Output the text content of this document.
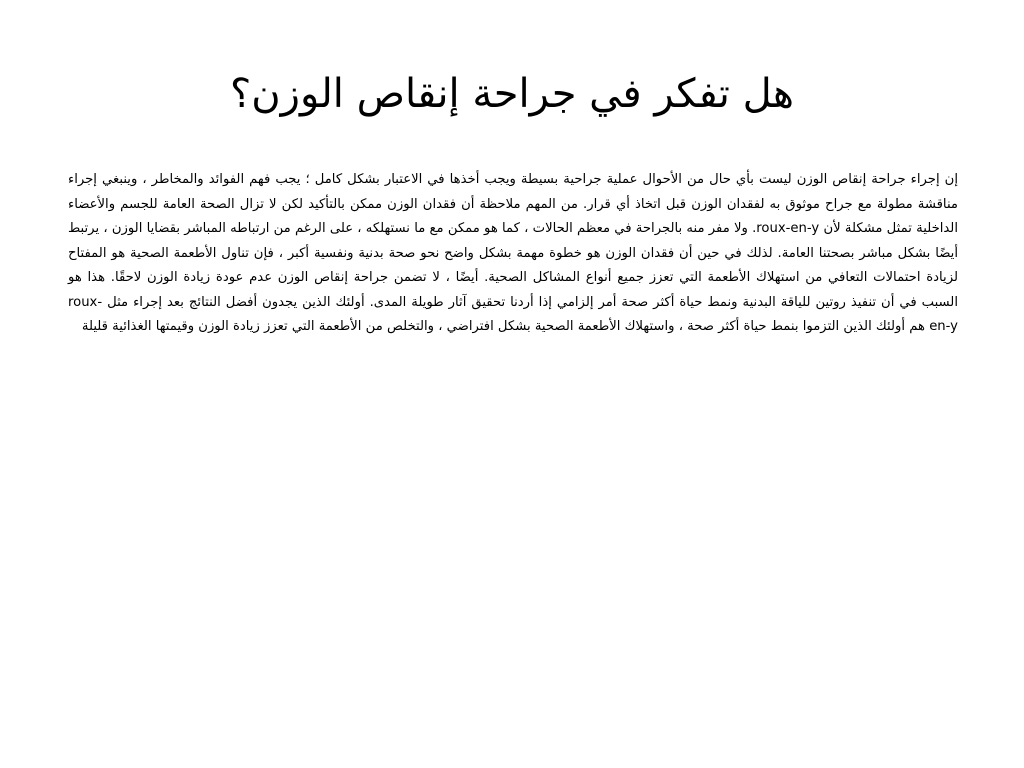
هل تفكر في جراحة إنقاص الوزن؟

إن إجراء جراحة إنقاص الوزن ليست بأي حال من الأحوال عملية جراحية بسيطة ويجب أخذها في الاعتبار بشكل كامل ؛ يجب فهم الفوائد والمخاطر ، وينبغي إجراء مناقشة مطولة مع جراح موثوق به لفقدان الوزن قبل اتخاذ أي قرار. من المهم ملاحظة أن فقدان الوزن ممكن بالتأكيد لكن لا تزال الصحة العامة للجسم والأعضاء الداخلية تمثل مشكلة لأن roux-en-y. ولا مفر منه بالجراحة في معظم الحالات ، كما هو ممكن مع ما نستهلكه ، على الرغم من ارتباطه المباشر بقضايا الوزن ، يرتبط أيضًا بشكل مباشر بصحتنا العامة. لذلك في حين أن فقدان الوزن هو خطوة مهمة بشكل واضح نحو صحة بدنية ونفسية أكبر ، فإن تناول الأطعمة الصحية هو المفتاح لزيادة احتمالات التعافي من استهلاك الأطعمة التي تعزز جميع أنواع المشاكل الصحية. أيضًا ، لا تضمن جراحة إنقاص الوزن عدم عودة زيادة الوزن لاحقًا. هذا هو السبب في أن تنفيذ روتين للياقة البدنية ونمط حياة أكثر صحة أمر إلزامي إذا أردنا تحقيق آثار طويلة المدى. أولئك الذين يجدون أفضل النتائج بعد إجراء مثل roux-en-y هم أولئك الذين التزموا بنمط حياة أكثر صحة ، واستهلاك الأطعمة الصحية بشكل افتراضي ، والتخلص من الأطعمة التي تعزز زيادة الوزن وقيمتها الغذائية قليلة
